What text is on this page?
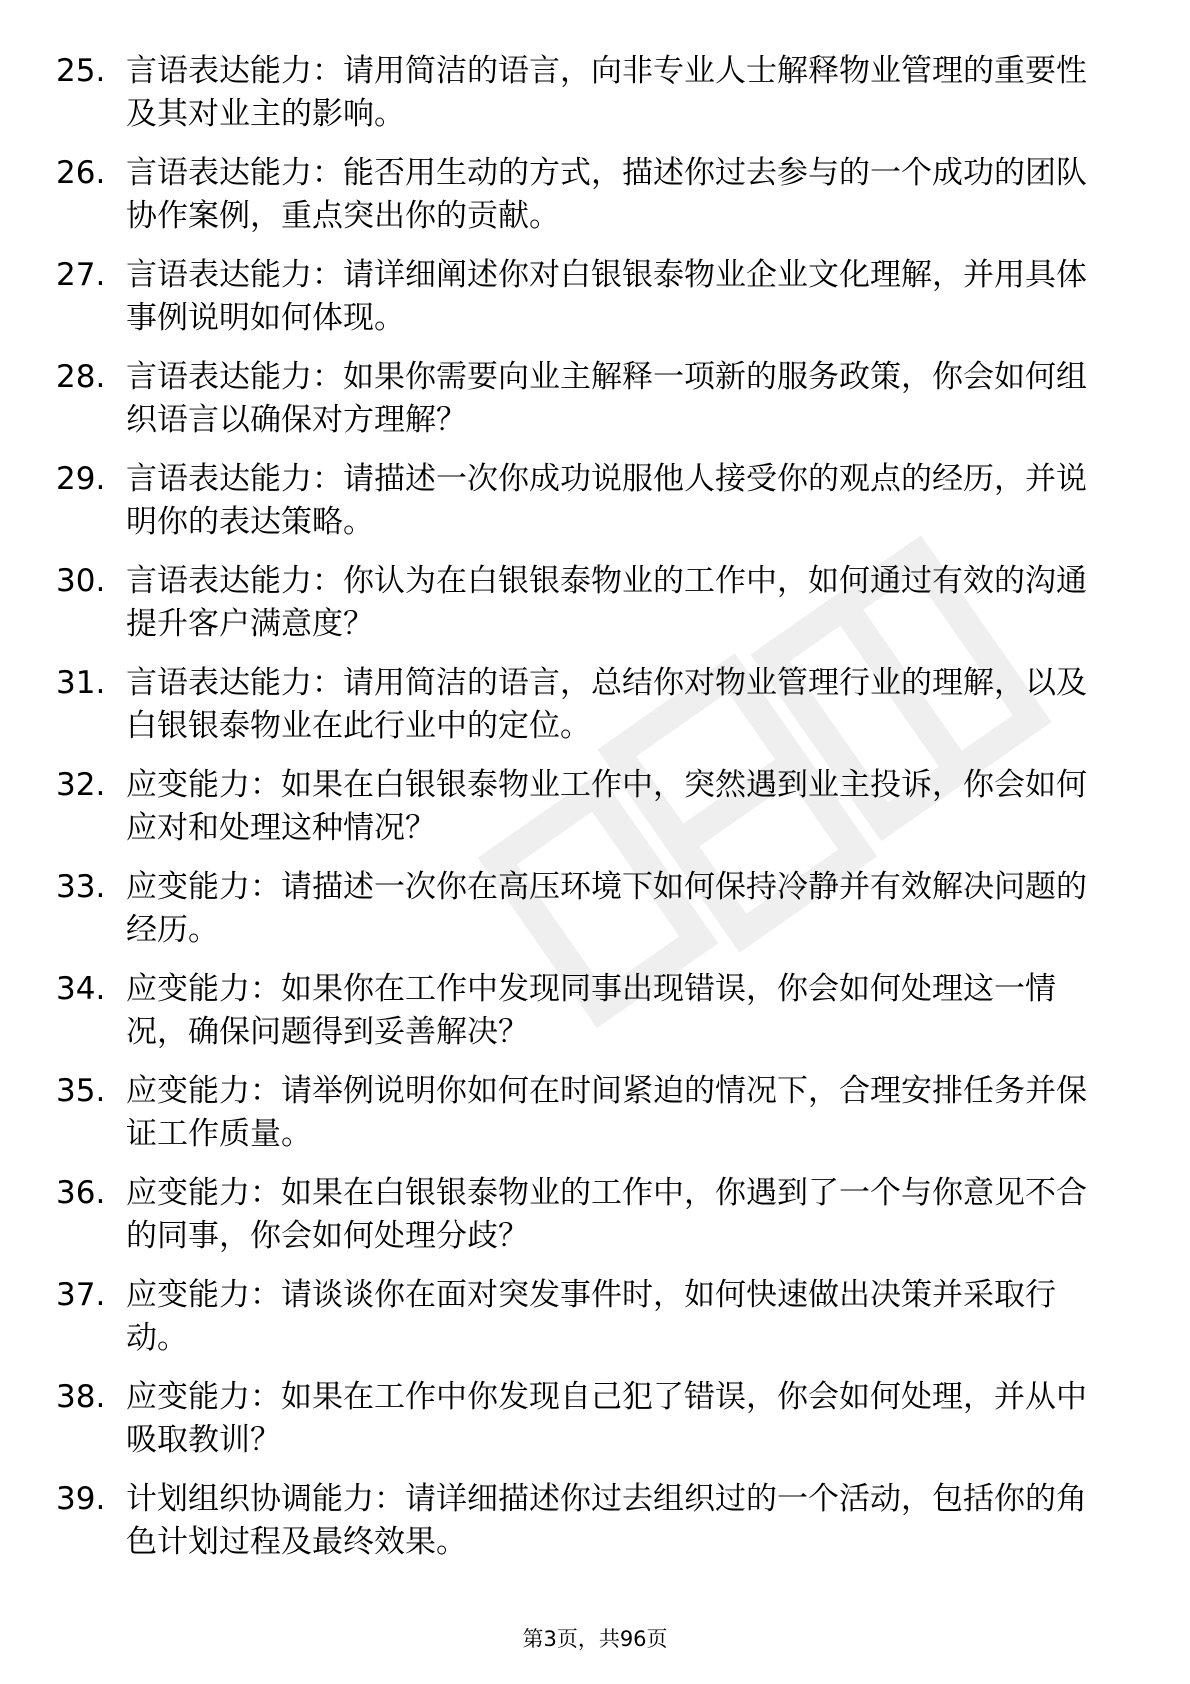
25. 言语表达能力：请用简洁的语言，向非专业人士解释物业管理的重要性及其对业主的影响。
26. 言语表达能力：能否用生动的方式，描述你过去参与的一个成功的团队协作案例，重点突出你的贡献。
27. 言语表达能力：请详细阐述你对白银银泰物业企业文化理解，并用具体事例说明如何体现。
28. 言语表达能力：如果你需要向业主解释一项新的服务政策，你会如何组织语言以确保对方理解？
29. 言语表达能力：请描述一次你成功说服他人接受你的观点的经历，并说明你的表达策略。
30. 言语表达能力：你认为在白银银泰物业的工作中，如何通过有效的沟通提升客户满意度？
31. 言语表达能力：请用简洁的语言，总结你对物业管理行业的理解，以及白银银泰物业在此行业中的定位。
32. 应变能力：如果在白银银泰物业工作中，突然遇到业主投诉，你会如何应对和处理这种情况？
33. 应变能力：请描述一次你在高压环境下如何保持冷静并有效解决问题的经历。
34. 应变能力：如果你在工作中发现同事出现错误，你会如何处理这一情况，确保问题得到妥善解决？
35. 应变能力：请举例说明你如何在时间紧迫的情况下，合理安排任务并保证工作质量。
36. 应变能力：如果在白银银泰物业的工作中，你遇到了一个与你意见不合的同事，你会如何处理分歧？
37. 应变能力：请谈谈你在面对突发事件时，如何快速做出决策并采取行动。
38. 应变能力：如果在工作中你发现自己犯了错误，你会如何处理，并从中吸取教训？
39. 计划组织协调能力：请详细描述你过去组织过的一个活动，包括你的角色计划过程及最终效果。
第3页，共96页
